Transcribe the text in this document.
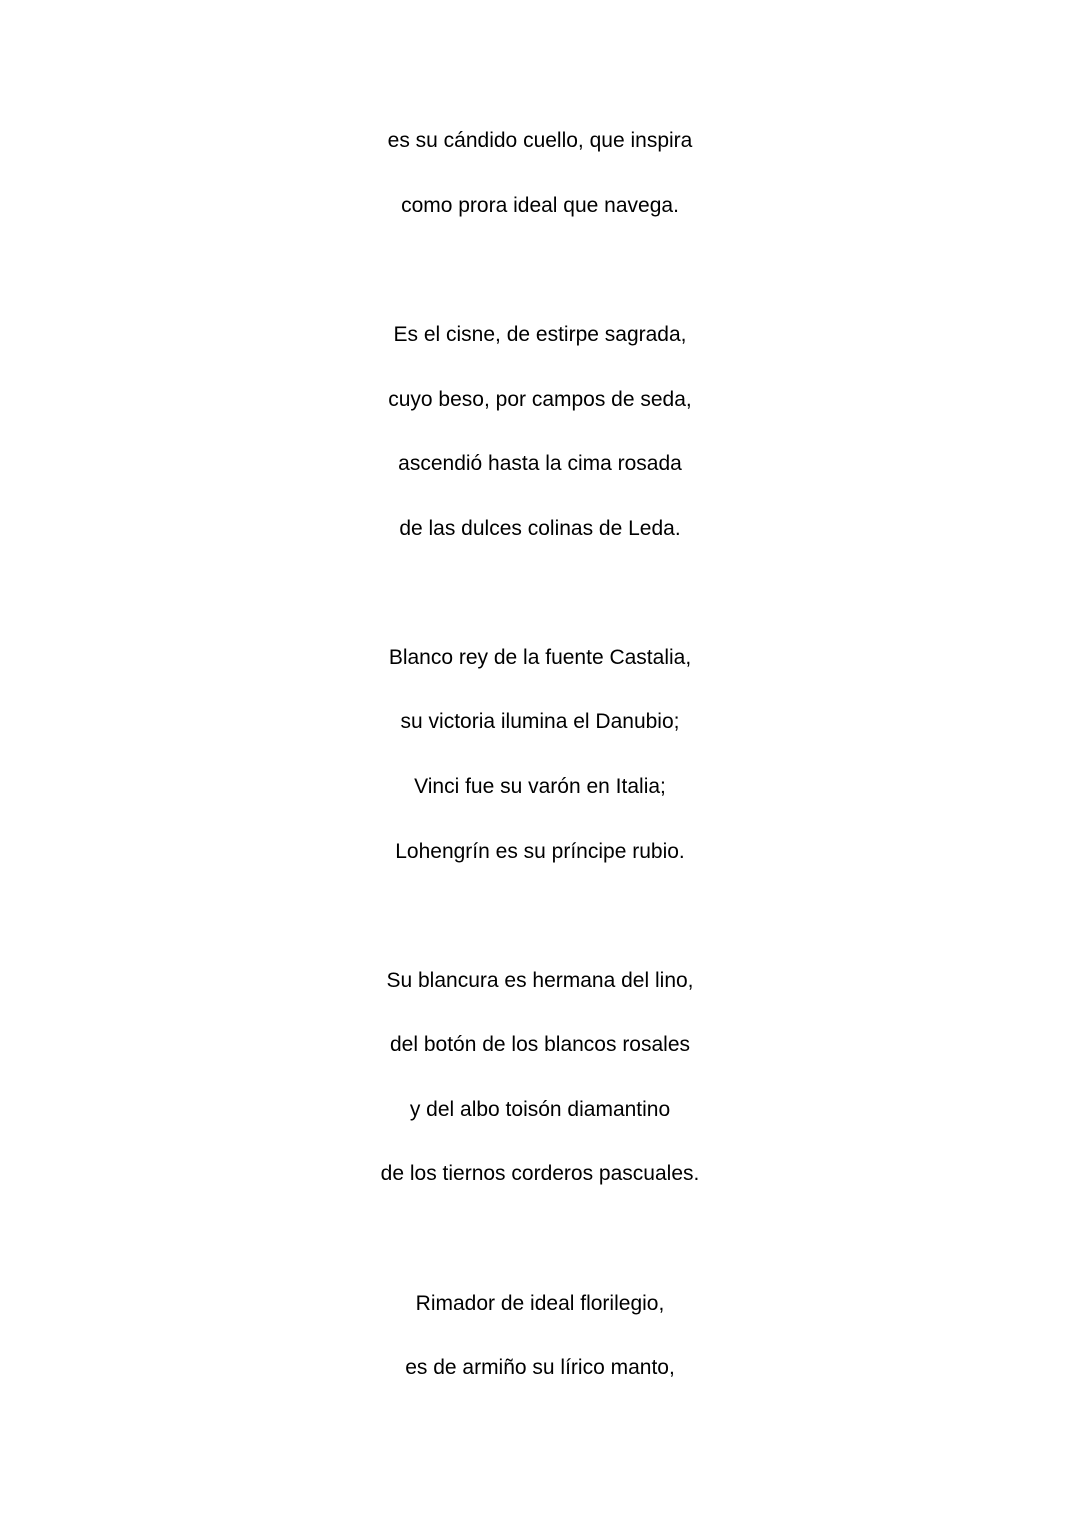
es su cándido cuello, que inspira
como prora ideal que navega.
Es el cisne, de estirpe sagrada,
cuyo beso, por campos de seda,
ascendió hasta la cima rosada
de las dulces colinas de Leda.
Blanco rey de la fuente Castalia,
su victoria ilumina el Danubio;
Vinci fue su varón en Italia;
Lohengrín es su príncipe rubio.
Su blancura es hermana del lino,
del botón de los blancos rosales
y del albo toisón diamantino
de los tiernos corderos pascuales.
Rimador de ideal florilegio,
es de armiño su lírico manto,
